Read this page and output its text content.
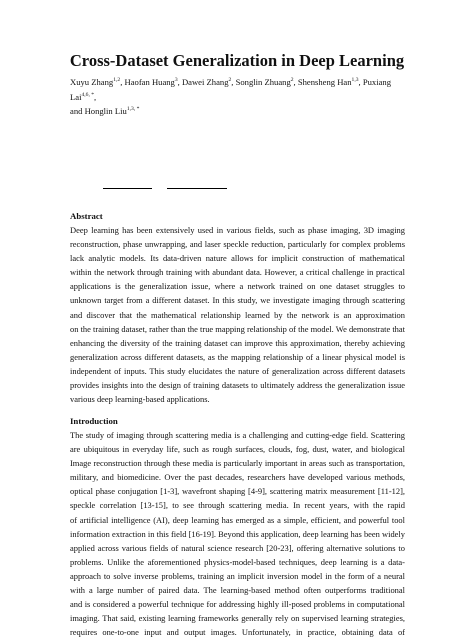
Cross-Dataset Generalization in Deep Learning
Xuyu Zhang$^{1,2}$, Haofan Huang$^3$, Dawei Zhang$^2$, Songlin Zhuang$^2$, Shensheng Han$^{1,3}$, Puxiang Lai$^{4,6, *}$,
and Honglin Liu$^{1,3, *}$
Abstract
Deep learning has been extensively used in various fields, such as phase imaging, 3D imaging
reconstruction, phase unwrapping, and laser speckle reduction, particularly for complex problems
lack analytic models. Its data-driven nature allows for implicit construction of mathematical
within the network through training with abundant data. However, a critical challenge in practical
applications is the generalization issue, where a network trained on one dataset struggles to
unknown target from a different dataset. In this study, we investigate imaging through scattering
and discover that the mathematical relationship learned by the network is an approximation
on the training dataset, rather than the true mapping relationship of the model. We demonstrate that
enhancing the diversity of the training dataset can improve this approximation, thereby achieving
generalization across different datasets, as the mapping relationship of a linear physical model is
independent of inputs. This study elucidates the nature of generalization across different datasets
provides insights into the design of training datasets to ultimately address the generalization issue
various deep learning-based applications.
Introduction
The study of imaging through scattering media is a challenging and cutting-edge field. Scattering
are ubiquitous in everyday life, such as rough surfaces, clouds, fog, dust, water, and biological
Image reconstruction through these media is particularly important in areas such as transportation,
military, and biomedicine. Over the past decades, researchers have developed various methods,
optical phase conjugation [1-3], wavefront shaping [4-9], scattering matrix measurement [11-12],
speckle correlation [13-15], to see through scattering media. In recent years, with the rapid
of artificial intelligence (AI), deep learning has emerged as a simple, efficient, and powerful tool
information extraction in this field [16-19]. Beyond this application, deep learning has been widely
applied across various fields of natural science research [20-23], offering alternative solutions to
problems. Unlike the aforementioned physics-model-based techniques, deep learning is a data-
approach to solve inverse problems, training an implicit inversion model in the form of a neural
with a large number of paired data. The learning-based method often outperforms traditional
and is considered a powerful technique for addressing highly ill-posed problems in computational
imaging. That said, existing learning frameworks generally rely on supervised learning strategies,
requires one-to-one input and output images. Unfortunately, in practice, obtaining data of
